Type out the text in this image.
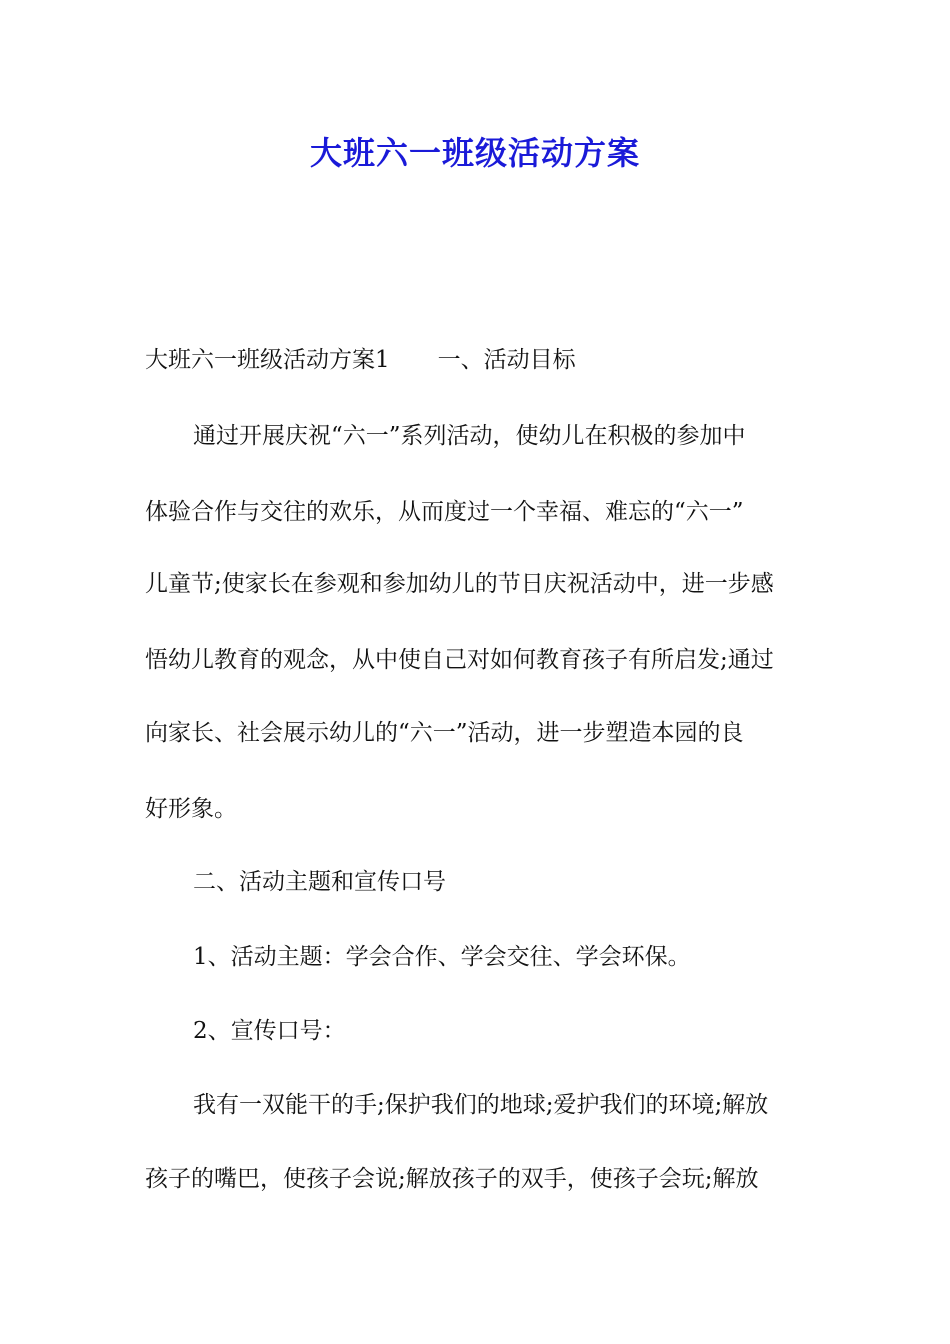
大班六一班级活动方案

大班六一班级活动方案1 一、活动目标

通过开展庆祝“六一”系列活动，使幼儿在积极的参加中

体验合作与交往的欢乐，从而度过一个幸福、难忘的“六一”

儿童节;使家长在参观和参加幼儿的节日庆祝活动中，进一步感

悟幼儿教育的观念，从中使自己对如何教育孩子有所启发;通过

向家长、社会展示幼儿的“六一”活动，进一步塑造本园的良

好形象。

二、活动主题和宣传口号

1、活动主题：学会合作、学会交往、学会环保。

2、宣传口号：

我有一双能干的手;保护我们的地球;爱护我们的环境;解放

孩子的嘴巴，使孩子会说;解放孩子的双手，使孩子会玩;解放
